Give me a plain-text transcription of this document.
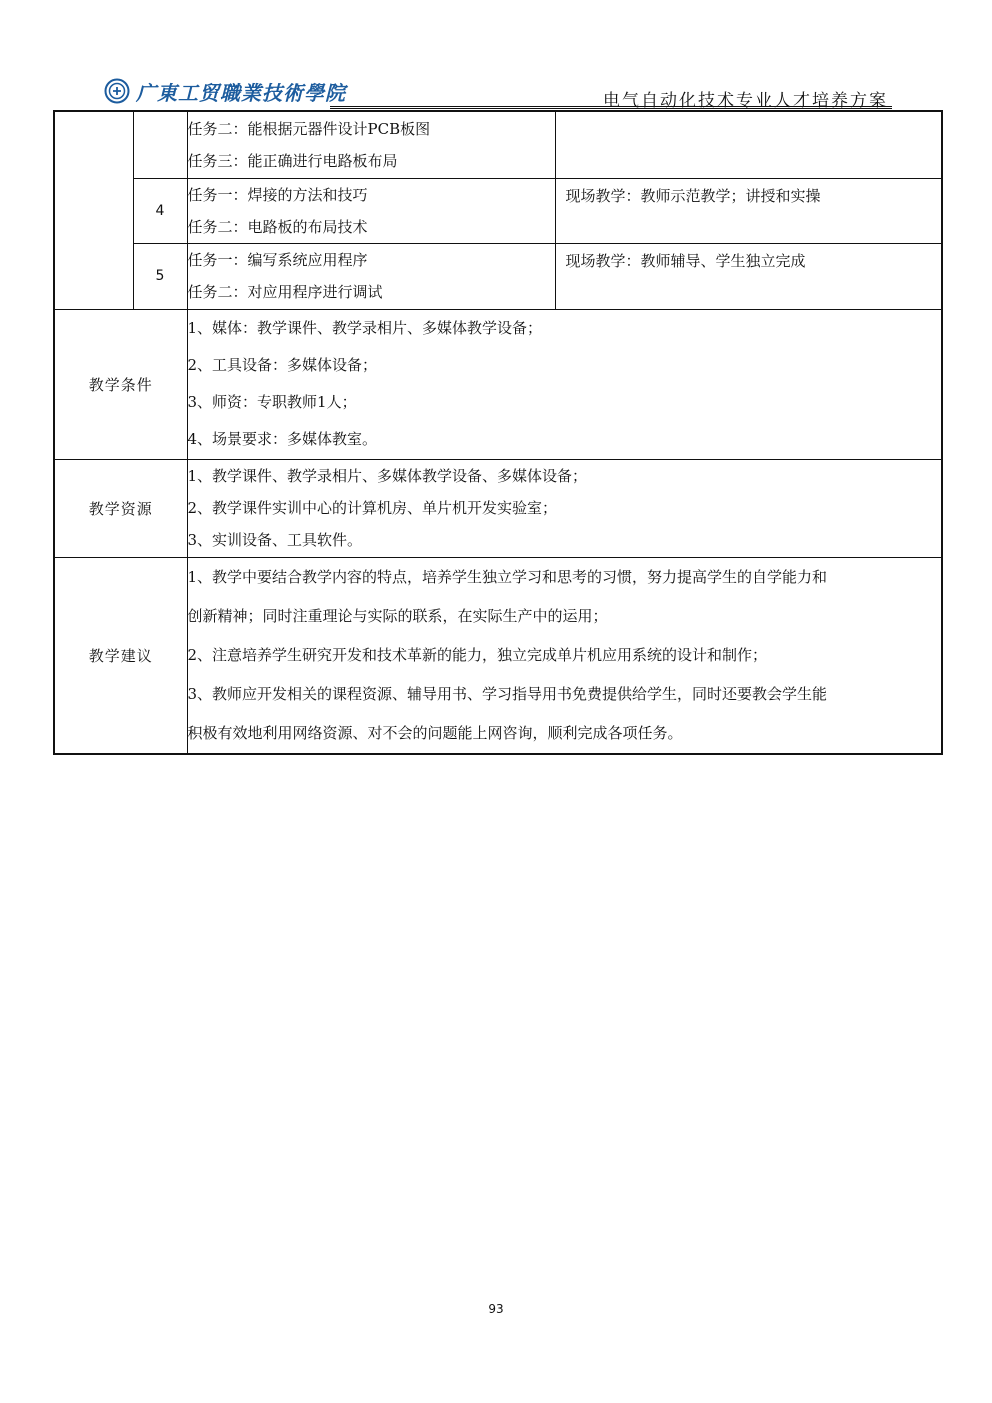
广東工贸職業技術學院	电气自动化技术专业人才培养方案

		任务二：能根据元器件设计PCB板图
任务三：能正确进行电路板布局	

	4	任务一：焊接的方法和技巧
任务二：电路板的布局技术	现场教学：教师示范教学；讲授和实操
	5	任务一：编写系统应用程序
任务二：对应用程序进行调试	现场教学：教师辅导、学生独立完成
教学条件		1、媒体：教学课件、教学录相片、多媒体教学设备；
2、工具设备：多媒体设备；
3、师资：专职教师1人；
4、场景要求：多媒体教室。	

教学资源		1、教学课件、教学录相片、多媒体教学设备、多媒体设备；
2、教学课件实训中心的计算机房、单片机开发实验室；
3、实训设备、工具软件。	

教学建议		1、教学中要结合教学内容的特点，培养学生独立学习和思考的习惯，努力提高学生的自学能力和
创新精神；同时注重理论与实际的联系，在实际生产中的运用；
2、注意培养学生研究开发和技术革新的能力，独立完成单片机应用系统的设计和制作；
3、教师应开发相关的课程资源、辅导用书、学习指导用书免费提供给学生，同时还要教会学生能
积极有效地利用网络资源、对不会的问题能上网咨询，顺利完成各项任务。	
93
